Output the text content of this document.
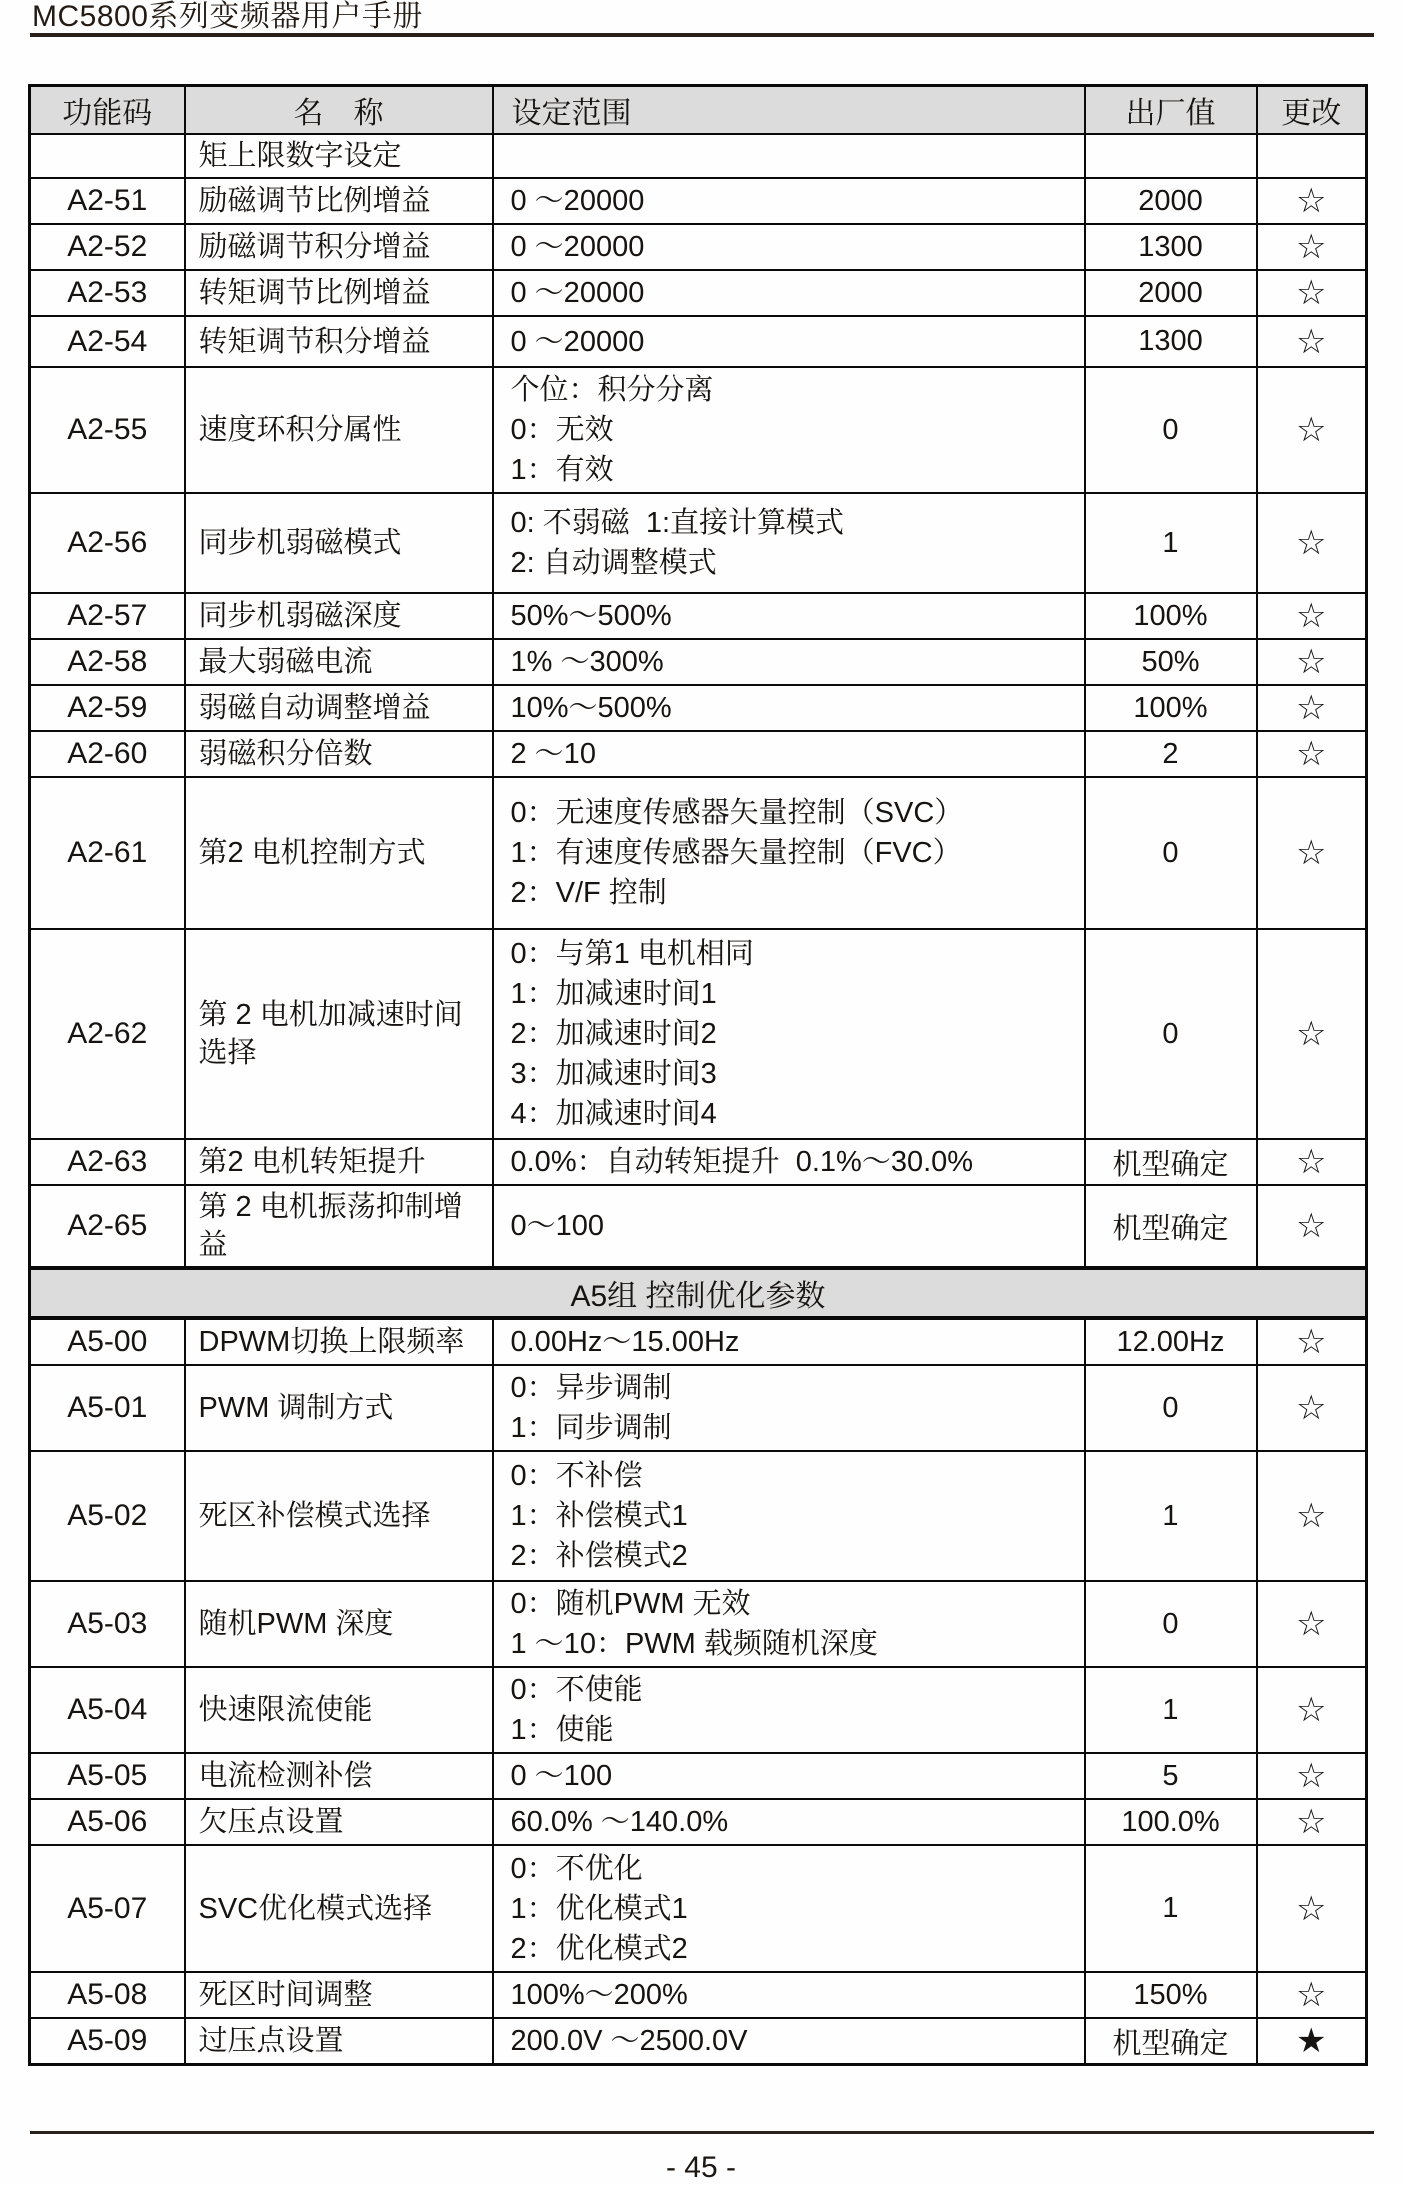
MC5800系列变频器用户手册
功能码	名　称	设定范围	出厂值	更改
	矩上限数字设定			
A2-51	励磁调节比例增益	0 ～20000	2000	☆
A2-52	励磁调节积分增益	0 ～20000	1300	☆
A2-53	转矩调节比例增益	0 ～20000	2000	☆
A2-54	转矩调节积分增益	0 ～20000	1300	☆
A2-55	速度环积分属性	个位：积分分离
0：无效
1：有效	0	☆
A2-56	同步机弱磁模式	0: 不弱磁  1:直接计算模式
2: 自动调整模式	1	☆
A2-57	同步机弱磁深度	50%～500%	100%	☆
A2-58	最大弱磁电流	1% ～300%	50%	☆
A2-59	弱磁自动调整增益	10%～500%	100%	☆
A2-60	弱磁积分倍数	2 ～10	2	☆
A2-61	第2 电机控制方式	0：无速度传感器矢量控制（SVC）
1：有速度传感器矢量控制（FVC）
2：V/F 控制	0	☆
A2-62	第 2 电机加减速时间选择	0：与第1 电机相同
1：加减速时间1
2：加减速时间2
3：加减速时间3
4：加减速时间4	0	☆
A2-63	第2 电机转矩提升	0.0%：自动转矩提升  0.1%～30.0%	机型确定	☆
A2-65	第 2 电机振荡抑制增益	0～100	机型确定	☆
A5组 控制优化参数				
A5-00	DPWM切换上限频率	0.00Hz～15.00Hz	12.00Hz	☆
A5-01	PWM 调制方式	0：异步调制
1：同步调制	0	☆
A5-02	死区补偿模式选择	0：不补偿
1：补偿模式1
2：补偿模式2	1	☆
A5-03	随机PWM 深度	0：随机PWM 无效
1 ～10：PWM 载频随机深度	0	☆
A5-04	快速限流使能	0：不使能
1：使能	1	☆
A5-05	电流检测补偿	0 ～100	5	☆
A5-06	欠压点设置	60.0% ～140.0%	100.0%	☆
A5-07	SVC优化模式选择	0：不优化
1：优化模式1
2：优化模式2	1	☆
A5-08	死区时间调整	100%～200%	150%	☆
A5-09	过压点设置	200.0V ～2500.0V	机型确定	★
- 45 -
